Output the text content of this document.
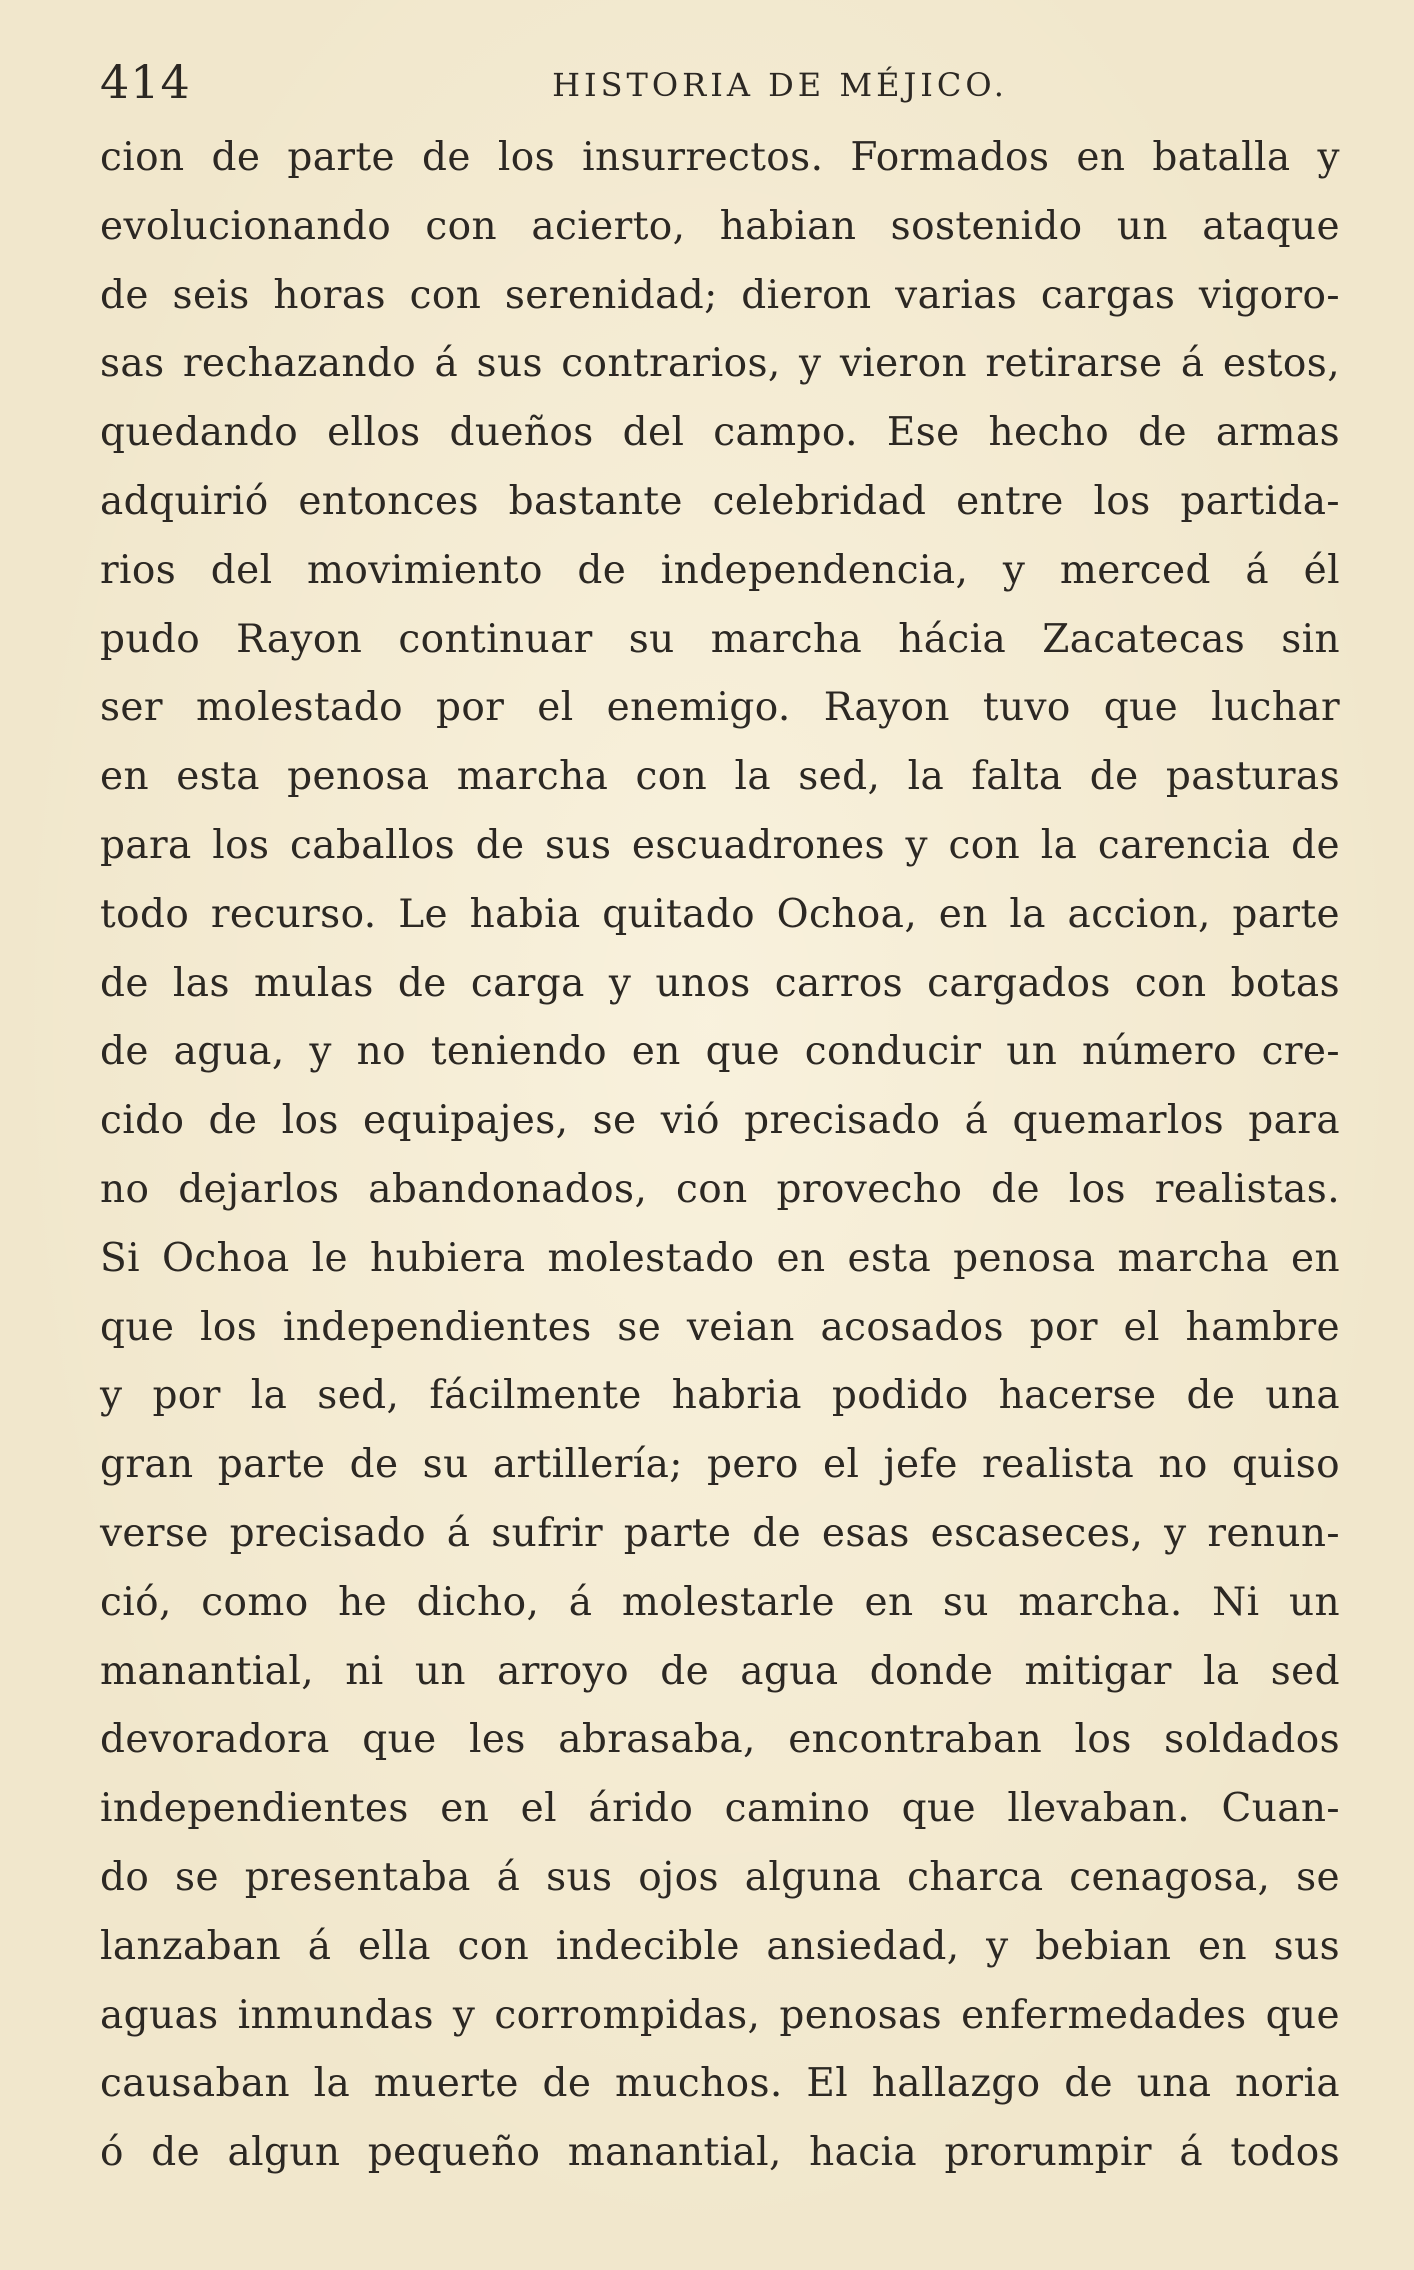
414	HISTORIA DE MÉJICO.
cion de parte de los insurrectos. Formados en batalla y
evolucionando con acierto, habian sostenido un ataque
de seis horas con serenidad; dieron varias cargas vigoro-
sas rechazando á sus contrarios, y vieron retirarse á estos,
quedando ellos dueños del campo. Ese hecho de armas
adquirió entonces bastante celebridad entre los partida-
rios del movimiento de independencia, y merced á él
pudo Rayon continuar su marcha hácia Zacatecas sin
ser molestado por el enemigo. Rayon tuvo que luchar
en esta penosa marcha con la sed, la falta de pasturas
para los caballos de sus escuadrones y con la carencia de
todo recurso. Le habia quitado Ochoa, en la accion, parte
de las mulas de carga y unos carros cargados con botas
de agua, y no teniendo en que conducir un número cre-
cido de los equipajes, se vió precisado á quemarlos para
no dejarlos abandonados, con provecho de los realistas.
Si Ochoa le hubiera molestado en esta penosa marcha en
que los independientes se veian acosados por el hambre
y por la sed, fácilmente habria podido hacerse de una
gran parte de su artillería; pero el jefe realista no quiso
verse precisado á sufrir parte de esas escaseces, y renun-
ció, como he dicho, á molestarle en su marcha. Ni un
manantial, ni un arroyo de agua donde mitigar la sed
devoradora que les abrasaba, encontraban los soldados
independientes en el árido camino que llevaban. Cuan-
do se presentaba á sus ojos alguna charca cenagosa, se
lanzaban á ella con indecible ansiedad, y bebian en sus
aguas inmundas y corrompidas, penosas enfermedades que
causaban la muerte de muchos. El hallazgo de una noria
ó de algun pequeño manantial, hacia prorumpir á todos
